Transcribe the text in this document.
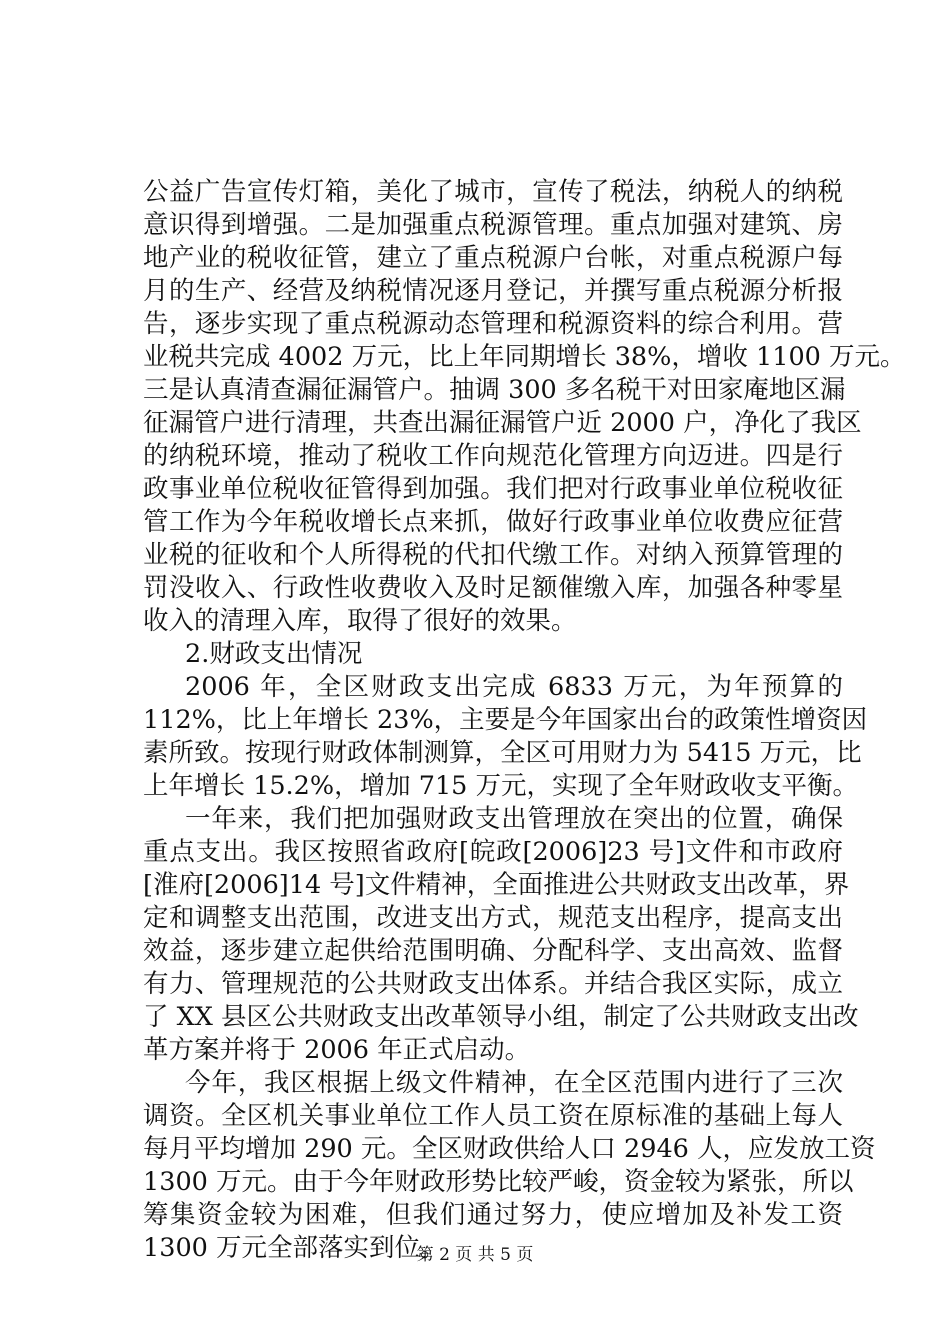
公益广告宣传灯箱，美化了城市，宣传了税法，纳税人的纳税
意识得到增强。二是加强重点税源管理。重点加强对建筑、房
地产业的税收征管，建立了重点税源户台帐，对重点税源户每
月的生产、经营及纳税情况逐月登记，并撰写重点税源分析报
告，逐步实现了重点税源动态管理和税源资料的综合利用。营
业税共完成 4002 万元，比上年同期增长 38%，增收 1100 万元。
三是认真清查漏征漏管户。抽调 300 多名税干对田家庵地区漏
征漏管户进行清理，共查出漏征漏管户近 2000 户，净化了我区
的纳税环境，推动了税收工作向规范化管理方向迈进。四是行
政事业单位税收征管得到加强。我们把对行政事业单位税收征
管工作为今年税收增长点来抓，做好行政事业单位收费应征营
业税的征收和个人所得税的代扣代缴工作。对纳入预算管理的
罚没收入、行政性收费收入及时足额催缴入库，加强各种零星
收入的清理入库，取得了很好的效果。
2.财政支出情况
2006 年，全区财政支出完成 6833 万元，为年预算的
112%，比上年增长 23%，主要是今年国家出台的政策性增资因
素所致。按现行财政体制测算，全区可用财力为 5415 万元，比
上年增长 15.2%，增加 715 万元，实现了全年财政收支平衡。
一年来，我们把加强财政支出管理放在突出的位置，确保
重点支出。我区按照省政府[皖政[2006]23 号]文件和市政府
[淮府[2006]14 号]文件精神，全面推进公共财政支出改革，界
定和调整支出范围，改进支出方式，规范支出程序，提高支出
效益，逐步建立起供给范围明确、分配科学、支出高效、监督
有力、管理规范的公共财政支出体系。并结合我区实际，成立
了 XX 县区公共财政支出改革领导小组，制定了公共财政支出改
革方案并将于 2006 年正式启动。
今年，我区根据上级文件精神，在全区范围内进行了三次
调资。全区机关事业单位工作人员工资在原标准的基础上每人
每月平均增加 290 元。全区财政供给人口 2946 人，应发放工资
1300 万元。由于今年财政形势比较严峻，资金较为紧张，所以
筹集资金较为困难，但我们通过努力，使应增加及补发工资
1300 万元全部落实到位。
第 2 页 共 5 页
